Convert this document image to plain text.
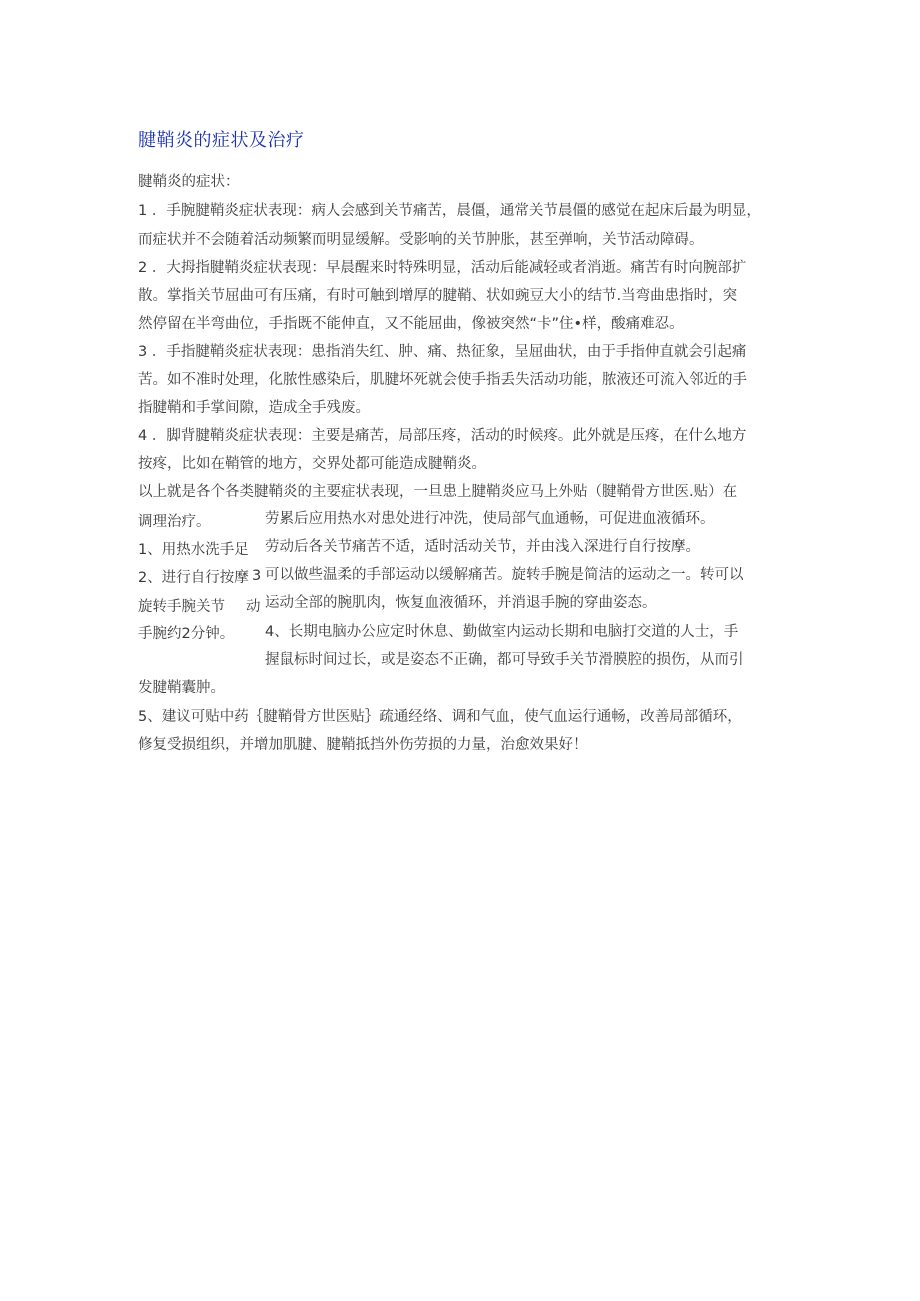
腱鞘炎的症状及治疗
腱鞘炎的症状：
1 ．手腕腱鞘炎症状表现：病人会感到关节痛苦，晨僵，通常关节晨僵的感觉在起床后最为明显，
而症状并不会随着活动频繁而明显缓解。受影响的关节肿胀，甚至弹响，关节活动障碍。
2 ．大拇指腱鞘炎症状表现：早晨醒来时特殊明显，活动后能减轻或者消逝。痛苦有时向腕部扩
散。掌指关节屈曲可有压痛，有时可触到增厚的腱鞘、状如豌豆大小的结节.当弯曲患指时，突
然停留在半弯曲位，手指既不能伸直，又不能屈曲，像被突然“卡”住•样，酸痛难忍。
3 ．手指腱鞘炎症状表现：患指消失红、肿、痛、热征象，呈屈曲状，由于手指伸直就会引起痛
苦。如不准时处理，化脓性感染后，肌腱坏死就会使手指丢失活动功能，脓液还可流入邻近的手
指腱鞘和手掌间隙，造成全手残废。
4 ．脚背腱鞘炎症状表现：主要是痛苦，局部压疼，活动的时候疼。此外就是压疼，在什么地方
按疼，比如在鞘管的地方，交界处都可能造成腱鞘炎。
以上就是各个各类腱鞘炎的主要症状表现，一旦患上腱鞘炎应马上外贴（腱鞘骨方世医.贴）在
调理治疗。	劳累后应用热水对患处进行冲洗，使局部气血通畅，可促进血液循环。
1、用热水洗手足 劳动后各关节痛苦不适，适时活动关节，并由浅入深进行自行按摩。
2、进行自行按摩 3 可以做些温柔的手部运动以缓解痛苦。旋转手腕是简洁的运动之一。转可以
旋转手腕关节 动 运动全部的腕肌肉，恢复血液循环，并消退手腕的穿曲姿态。
手腕约2分钟。 4、长期电脑办公应定时休息、勤做室内运动长期和电脑打交道的人士，手
握鼠标时间过长，或是姿态不正确，都可导致手关节滑膜腔的损伤，从而引
发腱鞘囊肿。
5、建议可贴中药｛腱鞘骨方世医贴｝疏通经络、调和气血，使气血运行通畅，改善局部循环，
修复受损组织，并增加肌腱、腱鞘抵挡外伤劳损的力量，治愈效果好！
